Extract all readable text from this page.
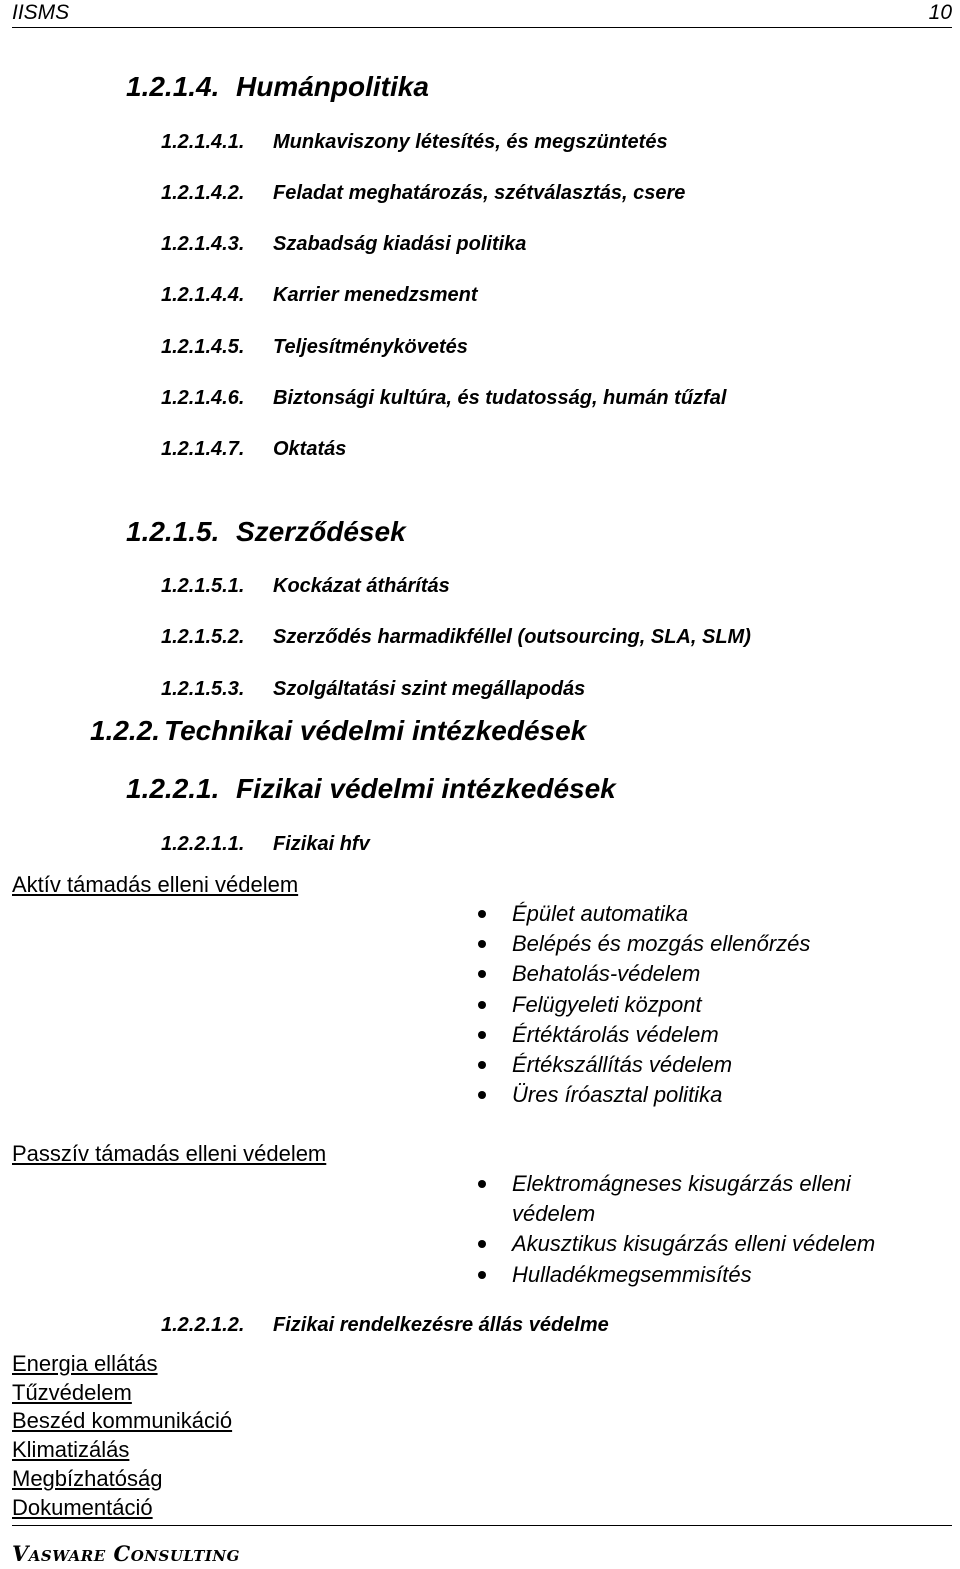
IISMS	10
1.2.1.4. Humánpolitika
1.2.1.4.1. Munkaviszony létesítés, és megszüntetés
1.2.1.4.2. Feladat meghatározás, szétválasztás, csere
1.2.1.4.3. Szabadság kiadási politika
1.2.1.4.4. Karrier menedzsment
1.2.1.4.5. Teljesítménykövetés
1.2.1.4.6. Biztonsági kultúra, és tudatosság, humán tűzfal
1.2.1.4.7. Oktatás
1.2.1.5. Szerződések
1.2.1.5.1. Kockázat áthárítás
1.2.1.5.2. Szerződés harmadikféllel (outsourcing, SLA, SLM)
1.2.1.5.3. Szolgáltatási szint megállapodás
1.2.2. Technikai védelmi intézkedések
1.2.2.1. Fizikai védelmi intézkedések
1.2.2.1.1. Fizikai hfv
Aktív támadás elleni védelem
Épület automatika
Belépés és mozgás ellenőrzés
Behatolás-védelem
Felügyeleti központ
Értéktárolás védelem
Értékszállítás védelem
Üres íróasztal politika
Passzív támadás elleni védelem
Elektromágneses kisugárzás elleni védelem
Akusztikus kisugárzás elleni védelem
Hulladékmegsemmisítés
1.2.2.1.2. Fizikai rendelkezésre állás védelme
Energia ellátás
Tűzvédelem
Beszéd kommunikáció
Klimatizálás
Megbízhatóság
Dokumentáció
Vasware Consulting
